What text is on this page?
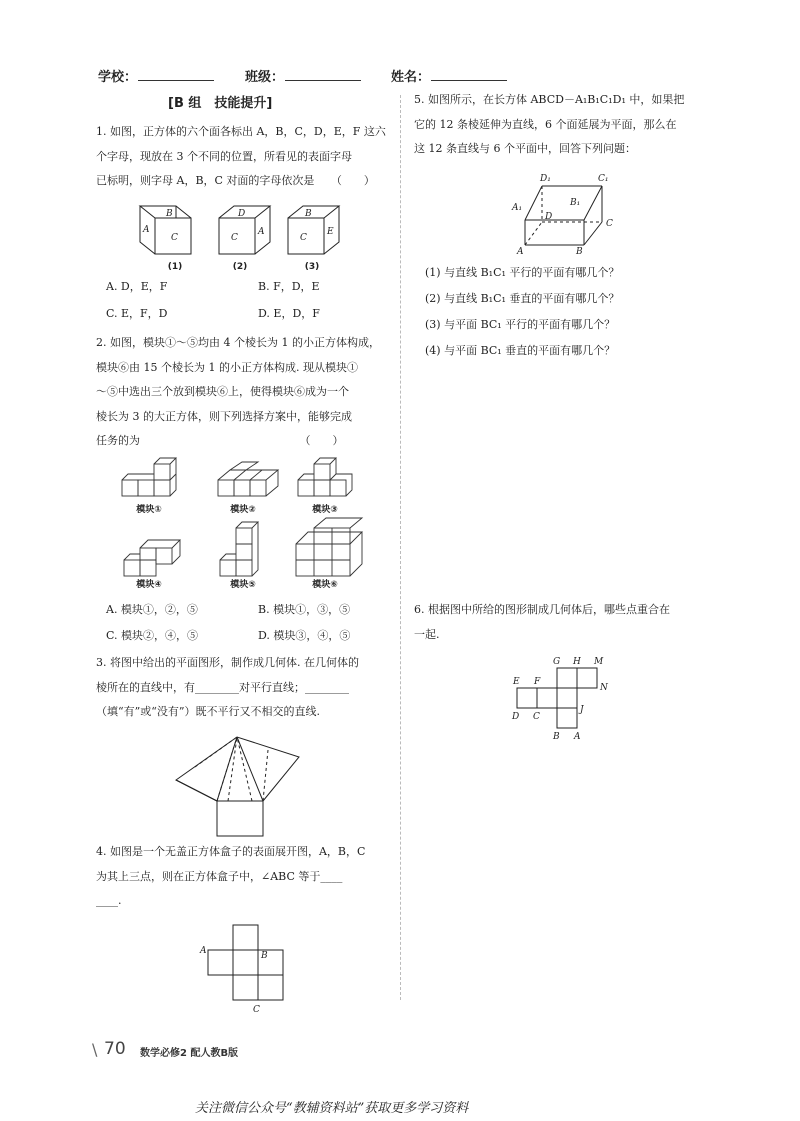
学校：	班级：	姓名：
[B 组　技能提升]
1. 如图，正方体的六个面各标出 A，B，C，D，E，F 这六
个字母，现放在 3 个不同的位置，所看见的表面字母
已标明，则字母 A，B，C 对面的字母依次是　　（　　）
B
A
C
D
C
A
B
C
E
A	B
C
D₁	C₁
A₁	B₁
D
C
A	B
G H M
N
E F
D C
J
B A
(1)	(2)	(3)
A. D，E，F	B. F，D，E
C. E，F，D	D. E，D，F
2. 如图，模块①～⑤均由 4 个棱长为 1 的小正方体构成，
模块⑥由 15 个棱长为 1 的小正方体构成. 现从模块①
～⑤中选出三个放到模块⑥上，使得模块⑥成为一个
棱长为 3 的大正方体，则下列选择方案中，能够完成
任务的为　　　　　　　　　　　　　　　（　　）
模块①	模块②	模块③
模块④	模块⑤	模块⑥
A. 模块①，②，⑤	B. 模块①，③，⑤
C. 模块②，④，⑤	D. 模块③，④，⑤
3. 将图中给出的平面图形，制作成几何体. 在几何体的
棱所在的直线中，有________对平行直线；________
（填“有”或“没有”）既不平行又不相交的直线.
4. 如图是一个无盖正方体盒子的表面展开图，A，B，C
为其上三点，则在正方体盒子中，∠ABC 等于____
____.
5. 如图所示，在长方体 ABCD－A₁B₁C₁D₁ 中，如果把
它的 12 条棱延伸为直线，6 个面延展为平面，那么在
这 12 条直线与 6 个平面中，回答下列问题：
(1) 与直线 B₁C₁ 平行的平面有哪几个？
(2) 与直线 B₁C₁ 垂直的平面有哪几个？
(3) 与平面 BC₁ 平行的平面有哪几个？
(4) 与平面 BC₁ 垂直的平面有哪几个？
6. 根据图中所给的图形制成几何体后，哪些点重合在
一起.
\ 70 数学必修2 配人教B版
关注微信公众号“教辅资料站”获取更多学习资料
